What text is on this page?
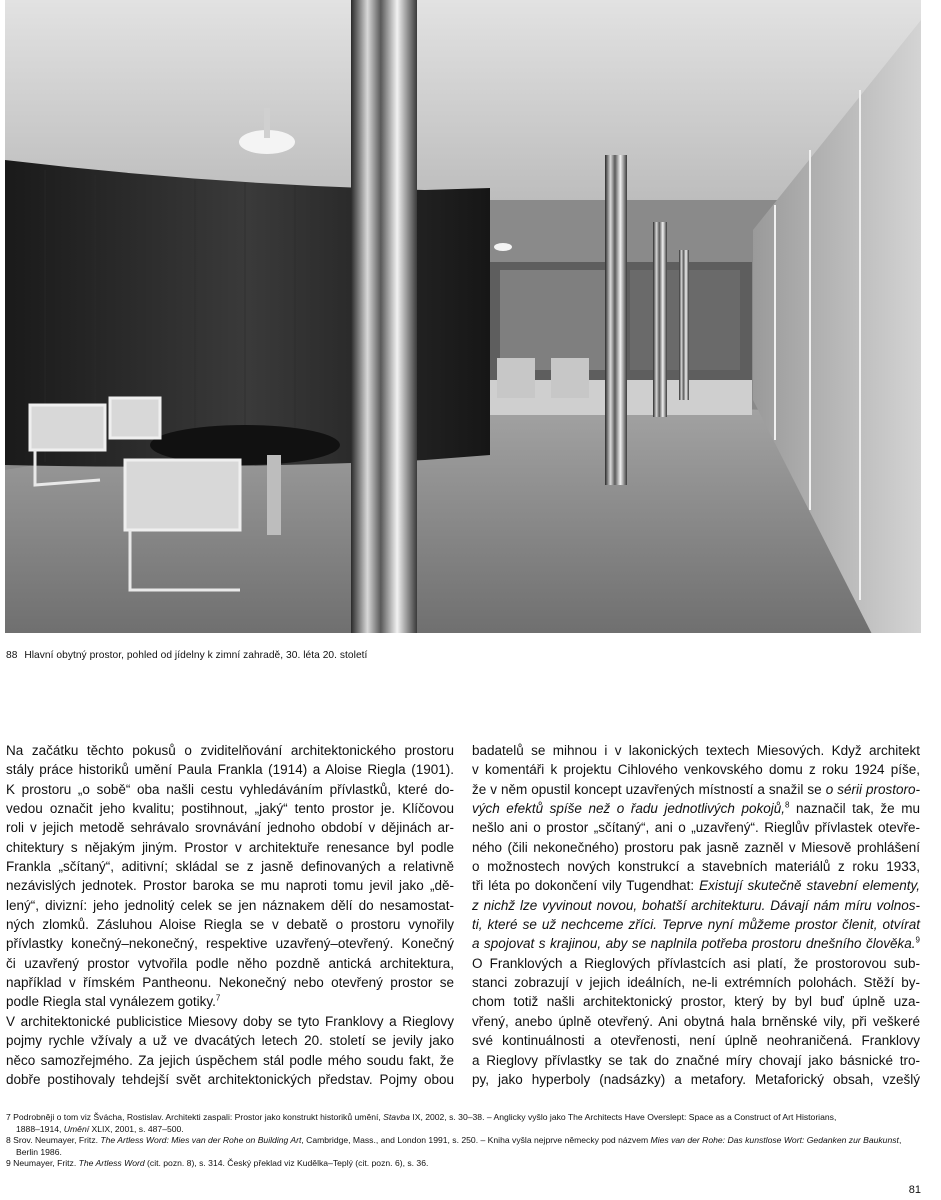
88 Hlavní obytný prostor, pohled od jídelny k zimní zahradě, 30. léta 20. století
Na začátku těchto pokusů o zviditelňování architektonického prostoru
stály práce historiků umění Paula Frankla (1914) a Aloise Riegla (1901).
K prostoru „o sobě“ oba našli cestu vyhledáváním přívlastků, které do-
vedou označit jeho kvalitu; postihnout, „jaký“ tento prostor je. Klíčovou
roli v jejich metodě sehrávalo srovnávání jednoho období v dějinách ar-
chitektury s nějakým jiným. Prostor v architektuře renesance byl podle
Frankla „sčítaný“, aditivní; skládal se z jasně definovaných a relativně
nezávislých jednotek. Prostor baroka se mu naproti tomu jevil jako „dě-
lený“, divizní: jeho jednolitý celek se jen náznakem dělí do nesamostat-
ných zlomků. Zásluhou Aloise Riegla se v debatě o prostoru vynořily
přívlastky konečný–nekonečný, respektive uzavřený–otevřený. Konečný
či uzavřený prostor vytvořila podle něho pozdně antická architektura,
například v římském Pantheonu. Nekonečný nebo otevřený prostor se
podle Riegla stal vynálezem gotiky.$^7$
V architektonické publicistice Miesovy doby se tyto Franklovy a Rieglovy
pojmy rychle vžívaly a už ve dvacátých letech 20. století se jevily jako
něco samozřejmého. Za jejich úspěchem stál podle mého soudu fakt, že
dobře postihovaly tehdejší svět architektonických představ. Pojmy obou
badatelů se mihnou i v lakonických textech Miesových. Když architekt
v komentáři k projektu Cihlového venkovského domu z roku 1924 píše,
že v něm opustil koncept uzavřených místností a snažil se o sérii prostoro-
vých efektů spíše než o řadu jednotlivých pokojů,$^8$ naznačil tak, že mu
nešlo ani o prostor „sčítaný“, ani o „uzavřený“. Rieglův přívlastek otevře-
ného (čili nekonečného) prostoru pak jasně zazněl v Miesově prohlášení
o možnostech nových konstrukcí a stavebních materiálů z roku 1933,
tři léta po dokončení vily Tugendhat: Existují skutečně stavební elementy,
z nichž lze vyvinout novou, bohatší architekturu. Dávají nám míru volnos-
ti, které se už nechceme zříci. Teprve nyní můžeme prostor členit, otvírat
a spojovat s krajinou, aby se naplnila potřeba prostoru dnešního člověka.$^9$
O Franklových a Rieglových přívlastcích asi platí, že prostorovou sub-
stanci zobrazují v jejich ideálních, ne-li extrémních polohách. Stěží by-
chom totiž našli architektonický prostor, který by byl buď úplně uza-
vřený, anebo úplně otevřený. Ani obytná hala brněnské vily, při veškeré
své kontinuálnosti a otevřenosti, není úplně neohraničená. Franklovy
a Rieglovy přívlastky se tak do značné míry chovají jako básnické tro-
py, jako hyperboly (nadsázky) a metafory. Metaforický obsah, vzešlý
7 Podrobněji o tom viz Švácha, Rostislav. Architekti zaspali: Prostor jako konstrukt historiků umění, Stavba IX, 2002, s. 30–38. – Anglicky vyšlo jako The Architects Have Overslept: Space as a Construct of Art Historians,
1888–1914, Umění XLIX, 2001, s. 487–500.
8 Srov. Neumayer, Fritz. The Artless Word: Mies van der Rohe on Building Art, Cambridge, Mass., and London 1991, s. 250. – Kniha vyšla nejprve německy pod názvem Mies van der Rohe: Das kunstlose Wort: Gedanken zur Baukunst,
Berlin 1986.
9 Neumayer, Fritz. The Artless Word (cit. pozn. 8), s. 314. Český překlad viz Kudělka–Teplý (cit. pozn. 6), s. 36.
81
